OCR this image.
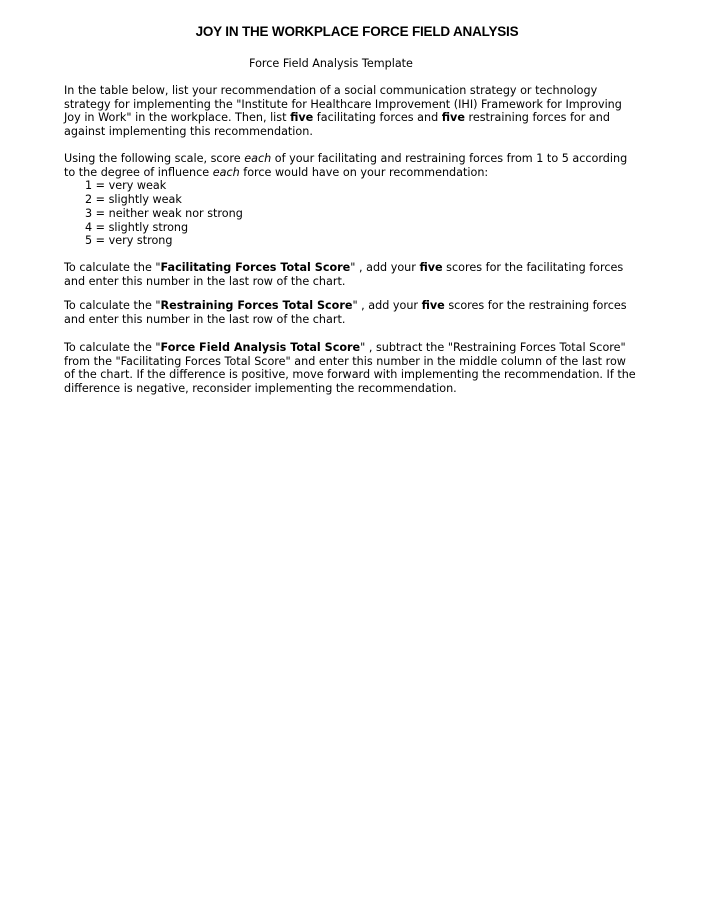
JOY IN THE WORKPLACE FORCE FIELD ANALYSIS
Force Field Analysis Template
In the table below, list your recommendation of a social communication strategy or technology strategy for implementing the "Institute for Healthcare Improvement (IHI) Framework for Improving Joy in Work" in the workplace. Then, list five facilitating forces and five restraining forces for and against implementing this recommendation.
Using the following scale, score each of your facilitating and restraining forces from 1 to 5 according to the degree of influence each force would have on your recommendation:
1 = very weak
2 = slightly weak
3 = neither weak nor strong
4 = slightly strong
5 = very strong
To calculate the "Facilitating Forces Total Score" , add your five scores for the facilitating forces and enter this number in the last row of the chart.
To calculate the "Restraining Forces Total Score" , add your five scores for the restraining forces and enter this number in the last row of the chart.
To calculate the "Force Field Analysis Total Score" , subtract the "Restraining Forces Total Score" from the "Facilitating Forces Total Score" and enter this number in the middle column of the last row of the chart. If the difference is positive, move forward with implementing the recommendation. If the difference is negative, reconsider implementing the recommendation.
